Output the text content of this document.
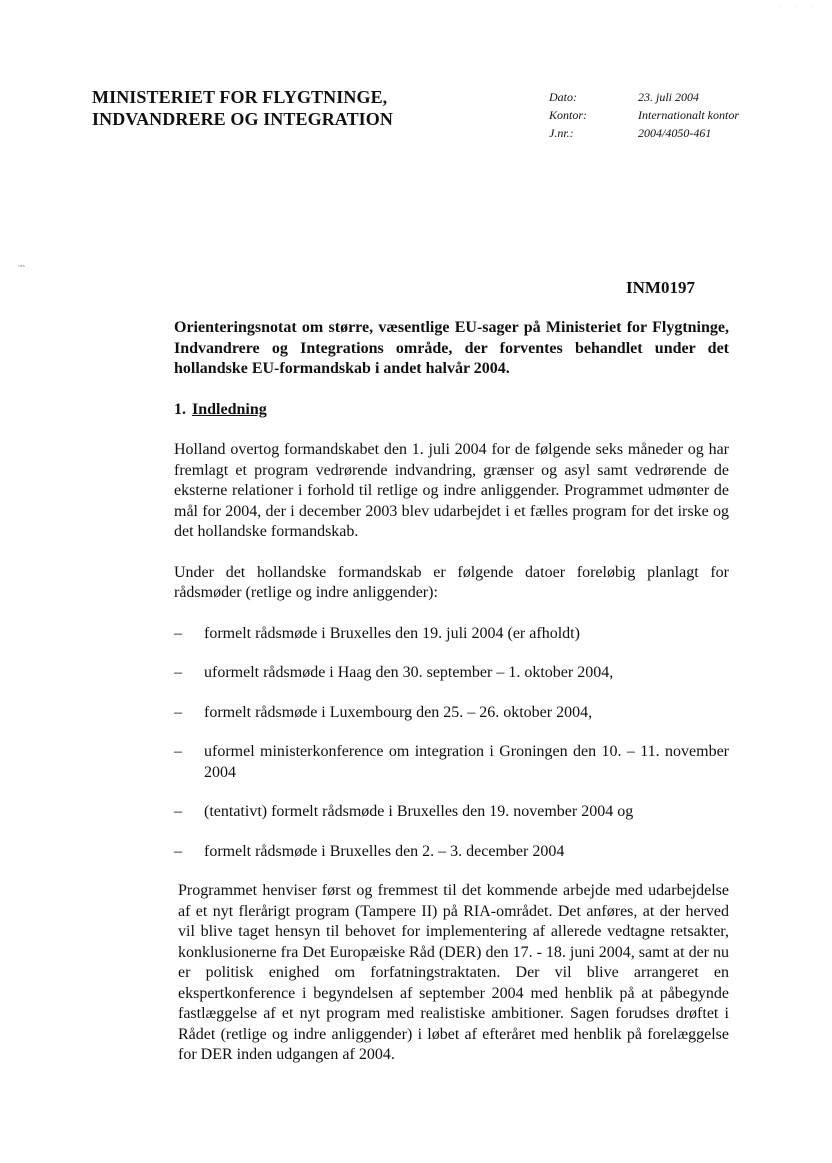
· · ·
MINISTERIET FOR FLYGTNINGE,
INDVANDRERE OG INTEGRATION
Dato:	23. juli 2004
Kontor:	Internationalt kontor
J.nr.:	2004/4050-461
˙ˇ˜
INM0197
Orienteringsnotat om større, væsentlige EU-sager på Ministeriet for Flygtninge, Indvandrere og Integrations område, der forventes behandlet under det hollandske EU-formandskab i andet halvår 2004.
1. Indledning
Holland overtog formandskabet den 1. juli 2004 for de følgende seks måneder og har fremlagt et program vedrørende indvandring, grænser og asyl samt vedrørende de eksterne relationer i forhold til retlige og indre anliggender. Programmet udmønter de mål for 2004, der i december 2003 blev udarbejdet i et fælles program for det irske og det hollandske formandskab.
Under det hollandske formandskab er følgende datoer foreløbig planlagt for rådsmøder (retlige og indre anliggender):
– formelt rådsmøde i Bruxelles den 19. juli 2004 (er afholdt)
– uformelt rådsmøde i Haag den 30. september – 1. oktober 2004,
– formelt rådsmøde i Luxembourg den 25. – 26. oktober 2004,
– uformel ministerkonference om integration i Groningen den 10. – 11. november 2004
– (tentativt) formelt rådsmøde i Bruxelles den 19. november 2004 og
– formelt rådsmøde i Bruxelles den 2. – 3. december 2004
Programmet henviser først og fremmest til det kommende arbejde med udarbejdelse af et nyt flerårigt program (Tampere II) på RIA-området. Det anføres, at der herved vil blive taget hensyn til behovet for implementering af allerede vedtagne retsakter, konklusionerne fra Det Europæiske Råd (DER) den 17. - 18. juni 2004, samt at der nu er politisk enighed om forfatningstraktaten. Der vil blive arrangeret en ekspertkonference i begyndelsen af september 2004 med henblik på at påbegynde fastlæggelse af et nyt program med realistiske ambitioner. Sagen forudses drøftet i Rådet (retlige og indre anliggender) i løbet af efteråret med henblik på forelæggelse for DER inden udgangen af 2004.
